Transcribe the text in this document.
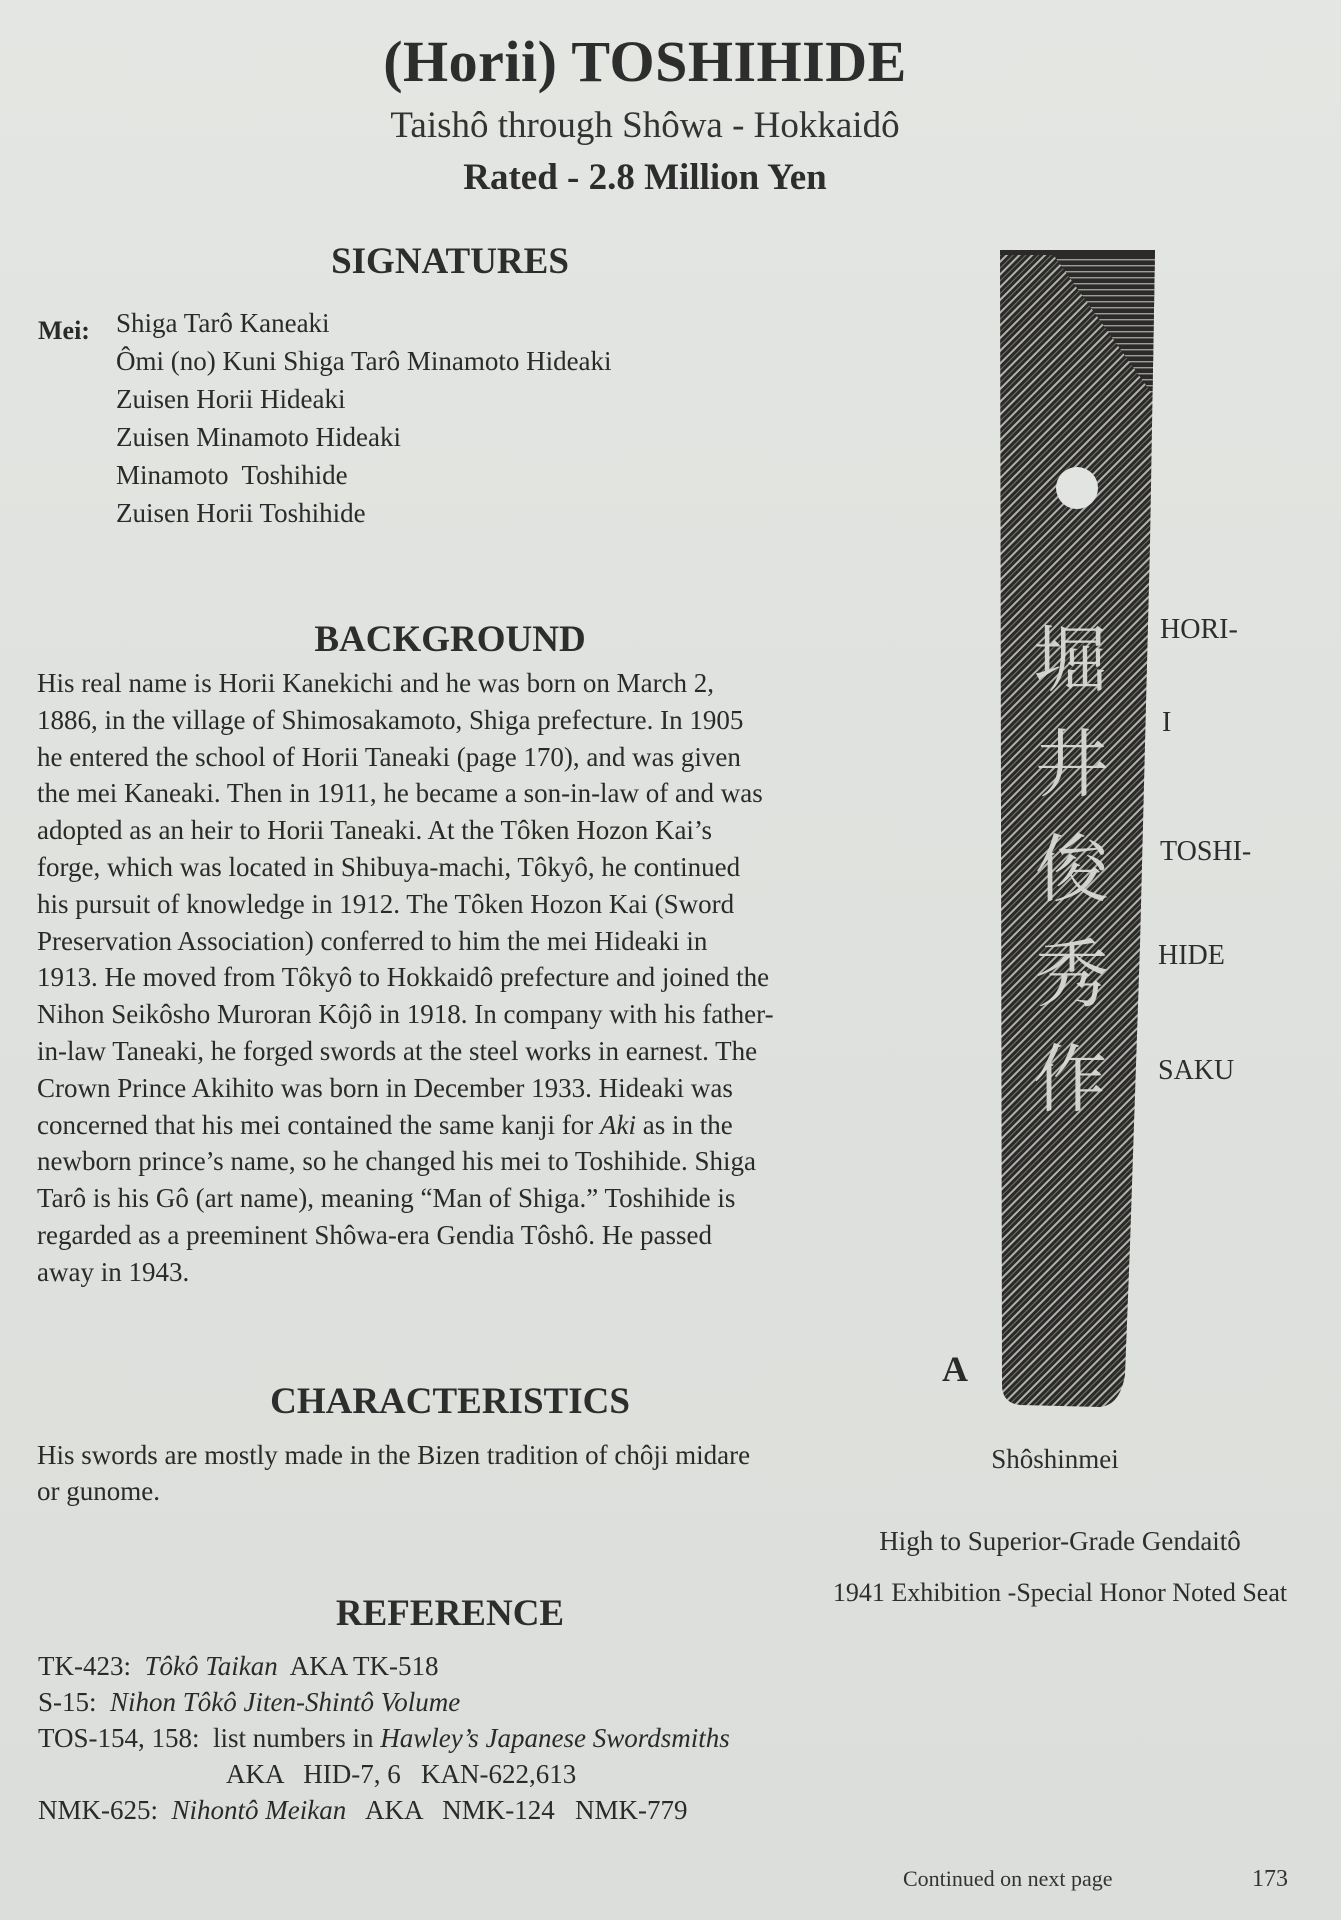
(Horii) TOSHIHIDE
Taishô through Shôwa - Hokkaidô
Rated - 2.8 Million Yen
SIGNATURES
Mei: Shiga Tarô Kaneaki
Ômi (no) Kuni Shiga Tarô Minamoto Hideaki
Zuisen Horii Hideaki
Zuisen Minamoto Hideaki
Minamoto  Toshihide
Zuisen Horii Toshihide
BACKGROUND
His real name is Horii Kanekichi and he was born on March 2,
1886, in the village of Shimosakamoto, Shiga prefecture. In 1905
he entered the school of Horii Taneaki (page 170), and was given
the mei Kaneaki. Then in 1911, he became a son-in-law of and was
adopted as an heir to Horii Taneaki. At the Tôken Hozon Kai’s
forge, which was located in Shibuya-machi, Tôkyô, he continued
his pursuit of knowledge in 1912. The Tôken Hozon Kai (Sword
Preservation Association) conferred to him the mei Hideaki in
1913. He moved from Tôkyô to Hokkaidô prefecture and joined the
Nihon Seikôsho Muroran Kôjô in 1918. In company with his father-
in-law Taneaki, he forged swords at the steel works in earnest. The
Crown Prince Akihito was born in December 1933. Hideaki was
concerned that his mei contained the same kanji for Aki as in the
newborn prince’s name, so he changed his mei to Toshihide. Shiga
Tarô is his Gô (art name), meaning “Man of Shiga.” Toshihide is
regarded as a preeminent Shôwa-era Gendia Tôshô. He passed
away in 1943.
CHARACTERISTICS
His swords are mostly made in the Bizen tradition of chôji midare
or gunome.
REFERENCE
TK-423: Tôkô Taikan AKA TK-518
S-15: Nihon Tôkô Jiten-Shintô Volume
TOS-154, 158: list numbers in Hawley’s Japanese Swordsmiths
AKA   HID-7, 6   KAN-622,613
NMK-625: Nihontô Meikan AKA   NMK-124   NMK-779
堀
井
俊
秀
作
HORI-
I
TOSHI-
HIDE
SAKU
A
Shôshinmei
High to Superior-Grade Gendaitô
1941 Exhibition -Special Honor Noted Seat
Continued on next page	173
